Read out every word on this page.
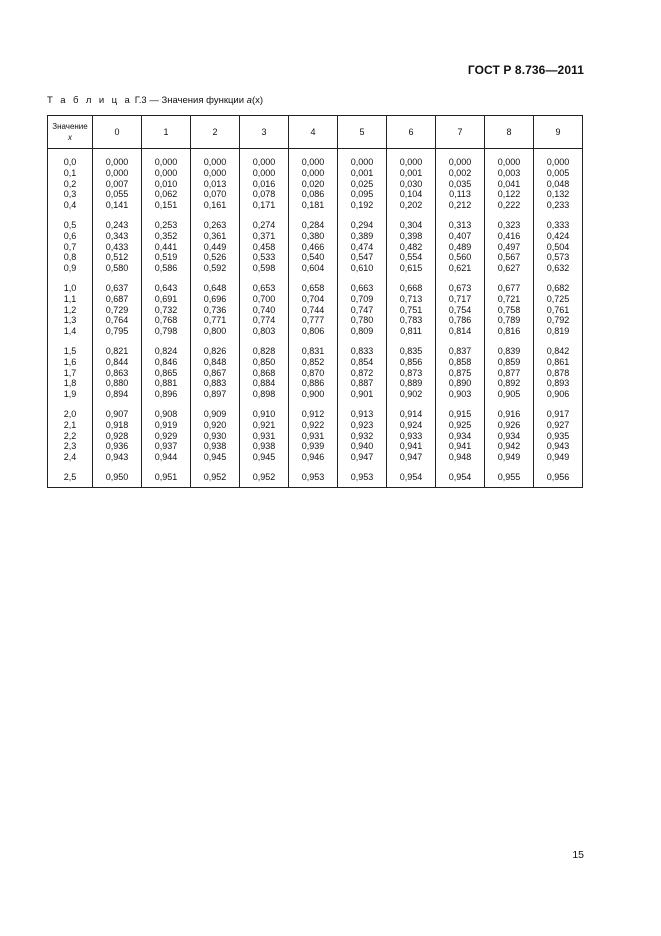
ГОСТ Р 8.736—2011
Т а б л и ц а Г.3 — Значения функции a(x)
Значение
x	0	1	2	3	4	5	6	7	8	9
0,0	0,000	0,000	0,000	0,000	0,000	0,000	0,000	0,000	0,000	0,000
0,1	0,000	0,000	0,000	0,000	0,000	0,001	0,001	0,002	0,003	0,005
0,2	0,007	0,010	0,013	0,016	0,020	0,025	0,030	0,035	0,041	0,048
0,3	0,055	0,062	0,070	0,078	0,086	0,095	0,104	0,113	0,122	0,132
0,4	0,141	0,151	0,161	0,171	0,181	0,192	0,202	0,212	0,222	0,233
0,5	0,243	0,253	0,263	0,274	0,284	0,294	0,304	0,313	0,323	0,333
0,6	0,343	0,352	0,361	0,371	0,380	0,389	0,398	0,407	0,416	0,424
0,7	0,433	0,441	0,449	0,458	0,466	0,474	0,482	0,489	0,497	0,504
0,8	0,512	0,519	0,526	0,533	0,540	0,547	0,554	0,560	0,567	0,573
0,9	0,580	0,586	0,592	0,598	0,604	0,610	0,615	0,621	0,627	0,632
1,0	0,637	0,643	0,648	0,653	0,658	0,663	0,668	0,673	0,677	0,682
1,1	0,687	0,691	0,696	0,700	0,704	0,709	0,713	0,717	0,721	0,725
1,2	0,729	0,732	0,736	0,740	0,744	0,747	0,751	0,754	0,758	0,761
1,3	0,764	0,768	0,771	0,774	0,777	0,780	0,783	0,786	0,789	0,792
1,4	0,795	0,798	0,800	0,803	0,806	0,809	0,811	0,814	0,816	0,819
1,5	0,821	0,824	0,826	0,828	0,831	0,833	0,835	0,837	0,839	0,842
1,6	0,844	0,846	0,848	0,850	0,852	0,854	0,856	0,858	0,859	0,861
1,7	0,863	0,865	0,867	0,868	0,870	0,872	0,873	0,875	0,877	0,878
1,8	0,880	0,881	0,883	0,884	0,886	0,887	0,889	0,890	0,892	0,893
1,9	0,894	0,896	0,897	0,898	0,900	0,901	0,902	0,903	0,905	0,906
2,0	0,907	0,908	0,909	0,910	0,912	0,913	0,914	0,915	0,916	0,917
2,1	0,918	0,919	0,920	0,921	0,922	0,923	0,924	0,925	0,926	0,927
2,2	0,928	0,929	0,930	0,931	0,931	0,932	0,933	0,934	0,934	0,935
2,3	0,936	0,937	0,938	0,938	0,939	0,940	0,941	0,941	0,942	0,943
2,4	0,943	0,944	0,945	0,945	0,946	0,947	0,947	0,948	0,949	0,949
2,5	0,950	0,951	0,952	0,952	0,953	0,953	0,954	0,954	0,955	0,956
15
